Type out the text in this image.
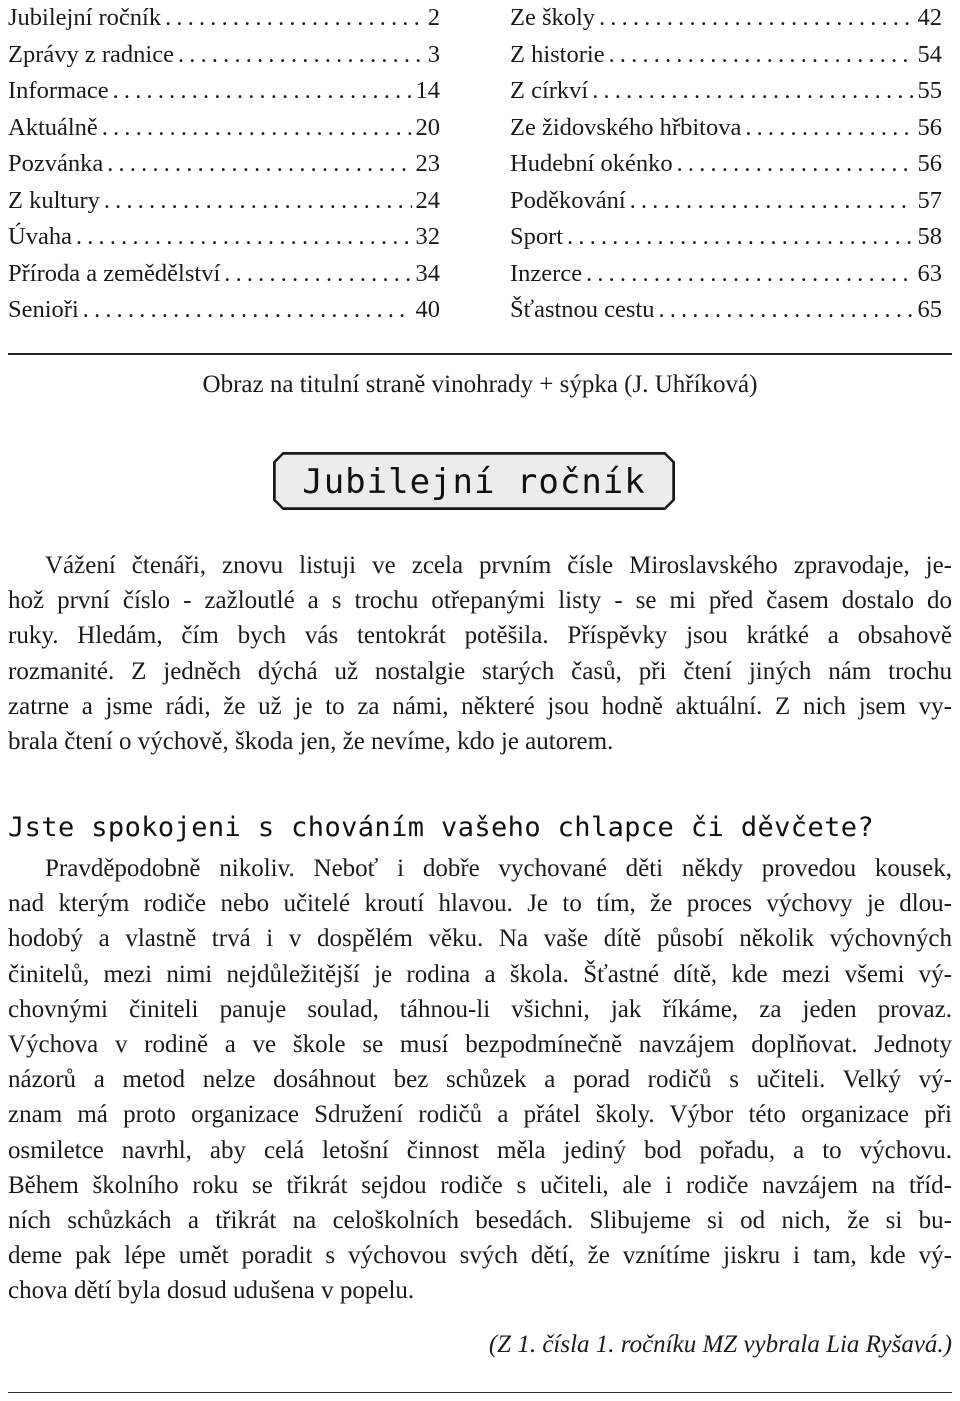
Jubilejní ročník .....	2
Zprávy z radnice .....	3
Informace .....	14
Aktuálně .....	20
Pozvánka .....	23
Z kultury .....	24
Úvaha .....	32
Příroda a zemědělství .....	34
Senioři .....	40
Ze školy .....	42
Z historie .....	54
Z církví .....	55
Ze židovského hřbitova .....	56
Hudební okénko .....	56
Poděkování .....	57
Sport .....	58
Inzerce .....	63
Šťastnou cestu .....	65
Obraz na titulní straně vinohrady + sýpka (J. Uhříková)
Jubilejní ročník
Vážení čtenáři, znovu listuji ve zcela prvním čísle Miroslavského zpravodaje, je-
hož první číslo - zažloutlé a s trochu otřepanými listy - se mi před časem dostalo do
ruky. Hledám, čím bych vás tentokrát potěšila. Příspěvky jsou krátké a obsahově
rozmanité. Z jedněch dýchá už nostalgie starých časů, při čtení jiných nám trochu
zatrne a jsme rádi, že už je to za námi, některé jsou hodně aktuální. Z nich jsem vy-
brala čtení o výchově, škoda jen, že nevíme, kdo je autorem.
Jste spokojeni s chováním vašeho chlapce či děvčete?
Pravděpodobně nikoliv. Neboť i dobře vychované děti někdy provedou kousek,
nad kterým rodiče nebo učitelé kroutí hlavou. Je to tím, že proces výchovy je dlou-
hodobý a vlastně trvá i v dospělém věku. Na vaše dítě působí několik výchovných
činitelů, mezi nimi nejdůležitější je rodina a škola. Šťastné dítě, kde mezi všemi vý-
chovnými činiteli panuje soulad, táhnou-li všichni, jak říkáme, za jeden provaz.
Výchova v rodině a ve škole se musí bezpodmínečně navzájem doplňovat. Jednoty
názorů a metod nelze dosáhnout bez schůzek a porad rodičů s učiteli. Velký vý-
znam má proto organizace Sdružení rodičů a přátel školy. Výbor této organizace při
osmiletce navrhl, aby celá letošní činnost měla jediný bod pořadu, a to výchovu.
Během školního roku se třikrát sejdou rodiče s učiteli, ale i rodiče navzájem na tříd-
ních schůzkách a třikrát na celoškolních besedách. Slibujeme si od nich, že si bu-
deme pak lépe umět poradit s výchovou svých dětí, že vznítíme jiskru i tam, kde vý-
chova dětí byla dosud udušena v popelu.
(Z 1. čísla 1. ročníku MZ vybrala Lia Ryšavá.)
